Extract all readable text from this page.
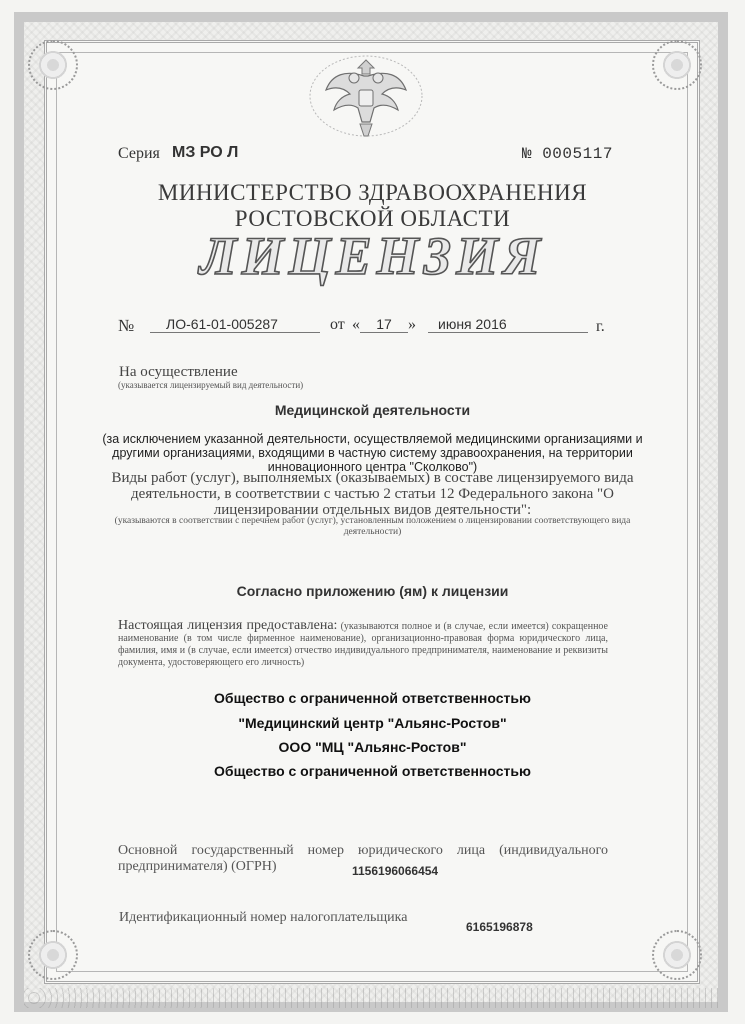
Серия МЗ РО Л	№ 0005117
МИНИСТЕРСТВО ЗДРАВООХРАНЕНИЯ
РОСТОВСКОЙ ОБЛАСТИ
ЛИЦЕНЗИЯ
№	ЛО-61-01-005287	от « 17 »	июня 2016	г.
На осуществление
(указывается лицензируемый вид деятельности)
Медицинской деятельности
(за исключением указанной деятельности, осуществляемой медицинскими организациями и другими организациями, входящими в частную систему здравоохранения, на территории инновационного центра "Сколково")
Виды работ (услуг), выполняемых (оказываемых) в составе лицензируемого вида деятельности, в соответствии с частью 2 статьи 12 Федерального закона "О лицензировании отдельных видов деятельности":
(указываются в соответствии с перечнем работ (услуг), установленным положением о лицензировании соответствующего вида деятельности)
Согласно приложению (ям) к лицензии
Настоящая лицензия предоставлена: (указываются полное и (в случае, если имеется) сокращенное наименование (в том числе фирменное наименование), организационно-правовая форма юридического лица, фамилия, имя и (в случае, если имеется) отчество индивидуального предпринимателя, наименование и реквизиты документа, удостоверяющего его личность)
Общество с ограниченной ответственностью
"Медицинский центр "Альянс-Ростов"
ООО "МЦ "Альянс-Ростов"
Общество с ограниченной ответственностью
Основной государственный номер юридического лица (индивидуального предпринимателя) (ОГРН)	1156196066454
Идентификационный номер налогоплательщика
6165196878
